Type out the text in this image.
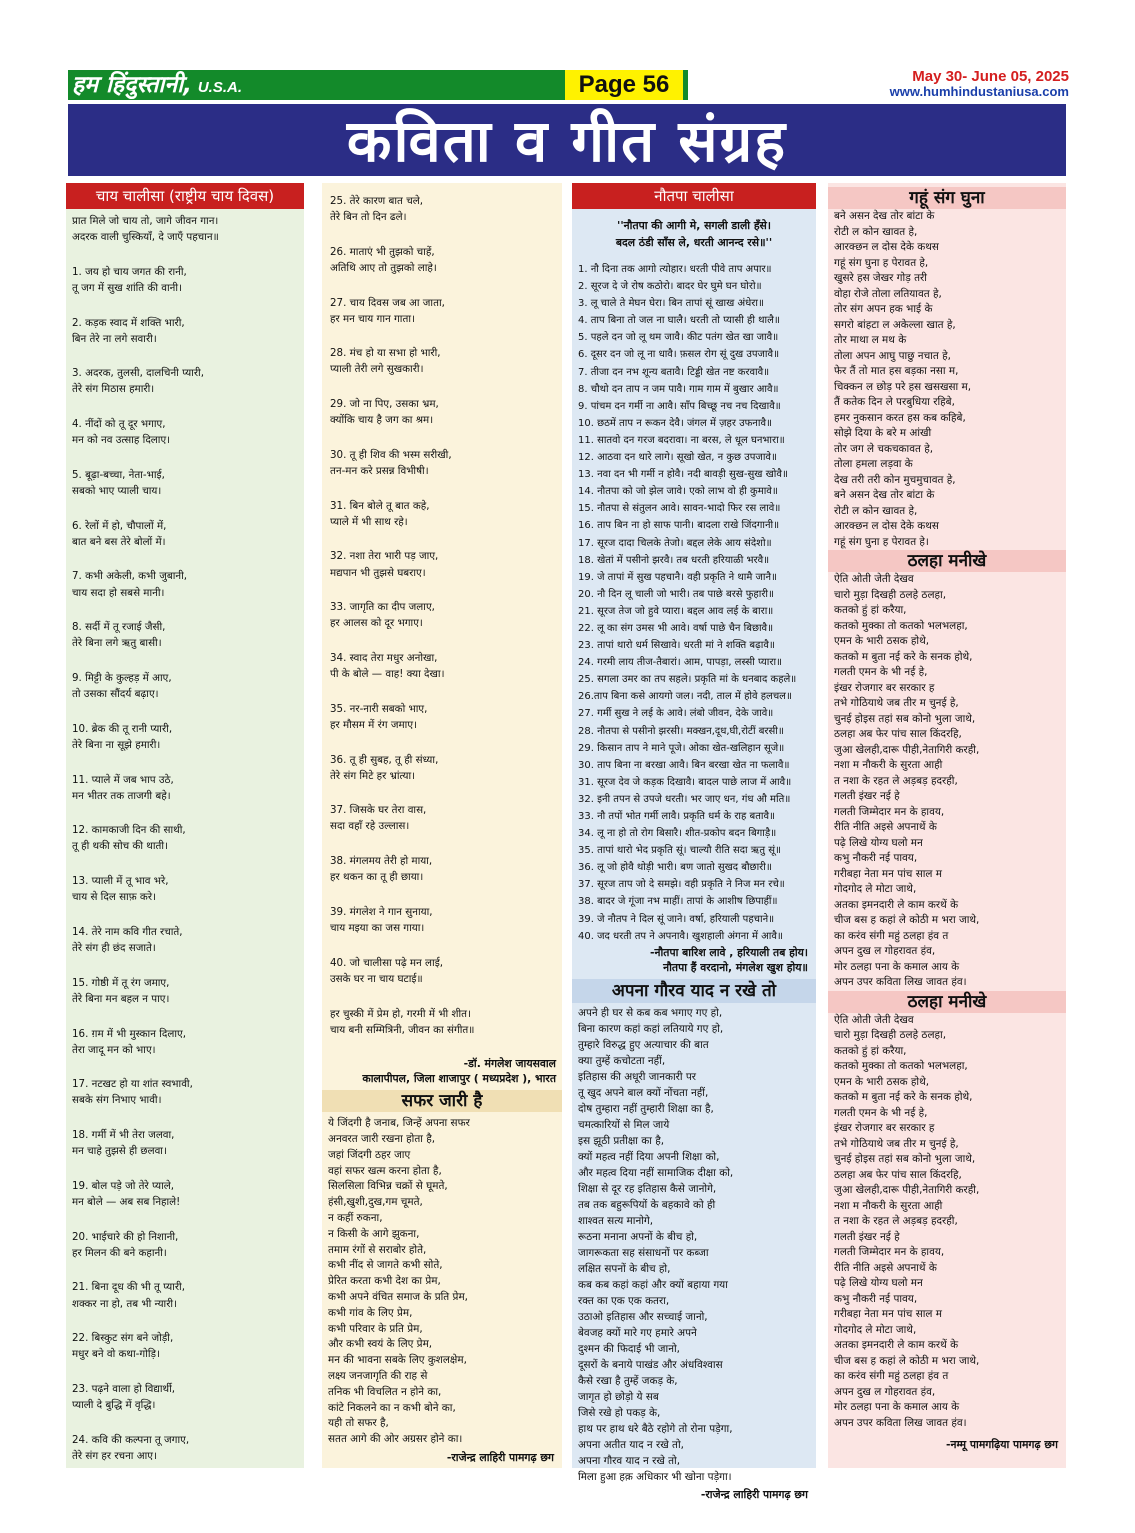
हम हिंदुस्तानी, U.S.A.	Page 56	May 30- June 05, 2025
www.humhindustaniusa.com
कविता व गीत संग्रह
चाय चालीसा (राष्ट्रीय चाय दिवस)
प्रात मिले जो चाय तो, जागे जीवन गान।
अदरक वाली चुस्कियाँ, दे जाएँ पहचान॥
1. जय हो चाय जगत की रानी,
तू जग में सुख शांति की वानी।
2. कड़क स्वाद में शक्ति भारी,
बिन तेरे ना लगे सवारी।
3. अदरक, तुलसी, दालचिनी प्यारी,
तेरे संग मिठास हमारी।
4. नींदों को तू दूर भगाए,
मन को नव उत्साह दिलाए।
5. बूढ़ा-बच्चा, नेता-भाई,
सबको भाए प्याली चाय।
6. रेलों में हो, चौपालों में,
बात बने बस तेरे बोलों में।
7. कभी अकेली, कभी जुबानी,
चाय सदा हो सबसे मानी।
8. सर्दी में तू रजाई जैसी,
तेरे बिना लगे ऋतु बासी।
9. मिट्टी के कुल्हड़ में आए,
तो उसका सौंदर्य बढ़ाए।
10. ब्रेक की तू रानी प्यारी,
तेरे बिना ना सूझे हमारी।
11. प्याले में जब भाप उठे,
मन भीतर तक ताजगी बहे।
12. कामकाजी दिन की साथी,
तू ही थकी सोच की थाती।
13. प्याली में तू भाव भरे,
चाय से दिल साफ़ करे।
14. तेरे नाम कवि गीत रचाते,
तेरे संग ही छंद सजाते।
15. गोष्ठी में तू रंग जमाए,
तेरे बिना मन बहल न पाए।
16. ग़म में भी मुस्कान दिलाए,
तेरा जादू मन को भाए।
17. नटखट हो या शांत स्वभावी,
सबके संग निभाए भावी।
18. गर्मी में भी तेरा जलवा,
मन चाहे तुझसे ही छलवा।
19. बोल पड़े जो तेरे प्याले,
मन बोले — अब सब निहाले!
20. भाईचारे की हो निशानी,
हर मिलन की बने कहानी।
21. बिना दूध की भी तू प्यारी,
शक्कर ना हो, तब भी न्यारी।
22. बिस्कुट संग बने जोड़ी,
मधुर बने वो कथा-गोड़ि।
23. पढ़ने वाला हो विद्यार्थी,
प्याली दे बुद्धि में वृद्धि।
24. कवि की कल्पना तू जगाए,
तेरे संग हर रचना आए।
25. तेरे कारण बात चले,
तेरे बिन तो दिन ढले।
26. माताएं भी तुझको चाहें,
अतिथि आए तो तुझको लाहे।
27. चाय दिवस जब आ जाता,
हर मन चाय गान गाता।
28. मंच हो या सभा हो भारी,
प्याली तेरी लगे सुखकारी।
29. जो ना पिए, उसका भ्रम,
क्योंकि चाय है जग का श्रम।
30. तू ही शिव की भस्म सरीखी,
तन-मन करे प्रसन्न विभीषी।
31. बिन बोले तू बात कहे,
प्याले में भी साथ रहे।
32. नशा तेरा भारी पड़ जाए,
मद्यपान भी तुझसे घबराए।
33. जागृति का दीप जलाए,
हर आलस को दूर भगाए।
34. स्वाद तेरा मधुर अनोखा,
पी के बोले — वाह! क्या देखा।
35. नर-नारी सबको भाए,
हर मौसम में रंग जमाए।
36. तू ही सुबह, तू ही संध्या,
तेरे संग मिटे हर भ्रांत्या।
37. जिसके घर तेरा वास,
सदा वहाँ रहे उल्लास।
38. मंगलमय तेरी हो माया,
हर थकन का तू ही छाया।
39. मंगलेश ने गान सुनाया,
चाय मइया का जस गाया।
40. जो चालीसा पढ़े मन लाई,
उसके घर ना चाय घटाई॥
हर चुस्की में प्रेम हो, गरमी में भी शीत।
चाय बनी सम्मित्रिनी, जीवन का संगीत॥
-डॉ. मंगलेश जायसवाल
कालापीपल, जिला शाजापुर ( मध्यप्रदेश ), भारत
सफर जारी है
ये जिंदगी है जनाब, जिन्हें अपना सफर
अनवरत जारी रखना होता है,
जहां जिंदगी ठहर जाए
वहां सफर खत्म करना होता है,
सिलसिला विभिन्न चक्रों से घूमते,
हंसी,खुशी,दुख,गम चूमते,
न कहीं रुकना,
न किसी के आगे झुकना,
तमाम रंगों से सराबोर होते,
कभी नींद से जागते कभी सोते,
प्रेरित करता कभी देश का प्रेम,
कभी अपने वंचित समाज के प्रति प्रेम,
कभी गांव के लिए प्रेम,
कभी परिवार के प्रति प्रेम,
और कभी स्वयं के लिए प्रेम,
मन की भावना सबके लिए कुशलक्षेम,
लक्ष्य जनजागृति की राह से
तनिक भी विचलित न होने का,
कांटे निकलने का न कभी बोने का,
यही तो सफर है,
सतत आगे की ओर अग्रसर होने का।
-राजेन्द्र लाहिरी पामगढ़ छग
नौतपा चालीसा
''नौतपा की आगी मे, सगली डाली हँसे।
बदल ठंडी साँस ले, धरती आनन्द रसे॥''
1. नौ दिना तक आगो त्योहार। धरती पीवे ताप अपार॥
2. सूरज दे जे रोष कठोरो। बादर घेर घुमे घन घोरो॥
3. लू चाले ते मेघन घेरा। बिन तापां सूं खाख अंधेरा॥
4. ताप बिना तो जल ना घालै। धरती तो प्यासी ही थालै॥
5. पहले दन जो लू थम जावै। कीट पतंग खेत खा जावै॥
6. दूसर दन जो लू ना धावै। फ़सल रोग सूं दुख उपजावै॥
7. तीजा दन नभ शून्य बतावै। टिड्डी खेत नष्ट करवावै॥
8. चौथो दन ताप न जम पावै। गाम गाम में बुखार आवै॥
9. पांचम दन गर्मी ना आवै। साँप बिच्छू नच नच दिखावै॥
10. छठमें ताप न रूकन देवै। जंगल में ज़हर उफनावै॥
11. सातवो दन गरज बदरावा। ना बरस, ले धूल घनभारा॥
12. आठवा दन थारे लागे। सूखो खेत, न कुछ उपजावे॥
13. नवा दन भी गर्मी न होवै। नदी बावड़ी सुख-सुख खोवै॥
14. नौतपा को जो झेल जावे। एको लाभ वो ही कुमावे॥
15. नौतपा से संतुलन आवे। सावन-भादो फिर रस लावे॥
16. ताप बिन ना हो साफ पानी। बादला राखे जिंदगानी॥
17. सूरज दादा चिलके तेजो। बद्दल लेके आय संदेशो॥
18. खेतां में पसीनो झरवै। तब धरती हरियाळी भरवै॥
19. जे तापां में सुख पहचानै। वही प्रकृति ने थामै जानै॥
20. नौ दिन लू चाली जो भारी। तब पाछे बरसे फुहारी॥
21. सूरज तेज जो हुवे प्यारा। बद्दल आव लई के बारा॥
22. लू का संग उमस भी आवे। वर्षा पाछे चैन बिछावै॥
23. तापां थारो धर्म सिखावे। धरती मां ने शक्ति बढ़ावै॥
24. गरमी लाय तीज-तैबारां। आम, पापड़ा, लस्सी प्यारा॥
25. सगला उमर का तप सहले। प्रकृति मां के धनबाद कहले॥
26.ताप बिना कसे आयगो जल। नदी, ताल में होवे हलचल॥
27. गर्मी सुख ने लई के आवे। लंबो जीवन, देके जावे॥
28. नौतपा से पसीनो झरसी। मक्खन,दूध,घी,रोटीं बरसी॥
29. किसान ताप ने माने पूजे। ओका खेत-खलिहान सूजे॥
30. ताप बिना ना बरखा आवै। बिन बरखा खेत ना फलावै॥
31. सूरज देव जे कड़क दिखावै। बादल पाछे लाज में आवै॥
32. इनी तपन से उपजे धरती। भर जाए धन, गंध औ मति॥
33. नौ तपों भोत गर्मी लावै। प्रकृति धर्म के राह बतावै॥
34. लू ना हो तो रोग बिसारै। शीत-प्रकोप बदन बिगाड़ै॥
35. तापां थारो भेद प्रकृति सूं। चाल्यौ रीति सदा ऋतु सूं॥
36. लू जो होवै थोड़ी भारी। बण जातो सुखद बौछारी॥
37. सूरज ताप जो दे समझे। वही प्रकृति ने निज मन रचे॥
38. बादर जे गूंजा नभ माहीं। तापां के आशीष छिपाहीं॥
39. जे नौतप ने दिल सूं जाने। वर्षा, हरियाली पहचाने॥
40. जद धरती तप ने अपनावै। खुशहाली अंगना में आवै॥
-नौतपा बारिश लावे , हरियाली तब होय।
नौतपा हैं वरदानो, मंगलेश खुश होय॥
अपना गौरव याद न रखे तो
अपने ही घर से कब कब भगाए गए हो,
बिना कारण कहां कहां लतियाये गए हो,
तुम्हारे विरुद्ध हुए अत्याचार की बात
क्या तुम्हें कचोटता नहीं,
इतिहास की अधूरी जानकारी पर
तू खुद अपने बाल क्यों नोंचता नहीं,
दोष तुम्हारा नहीं तुम्हारी शिक्षा का है,
चमत्कारियों से मिल जाये
इस झूठी प्रतीक्षा का है,
क्यों महत्व नहीं दिया अपनी शिक्षा को,
और महत्व दिया नहीं सामाजिक दीक्षा को,
शिक्षा से दूर रह इतिहास कैसे जानोगे,
तब तक बहुरूपियों के बहकावे को ही
शाश्वत सत्य मानोगे,
रूठना मनाना अपनों के बीच हो,
जागरूकता सह संसाधनों पर कब्जा
लक्षित सपनों के बीच हो,
कब कब कहां कहां और क्यों बहाया गया
रक्त का एक एक कतरा,
उठाओ इतिहास और सच्चाई जानो,
बेवजह क्यों मारे गए हमारे अपने
दुश्मन की फिदाई भी जानो,
दूसरों के बनाये पाखंड और अंधविश्वास
कैसे रखा है तुम्हें जकड़ के,
जागृत हो छोड़ो ये सब
जिसे रखे हो पकड़ के,
हाथ पर हाथ धरे बैठे रहोगे तो रोना पड़ेगा,
अपना अतीत याद न रखे तो,
अपना गौरव याद न रखे तो,
मिला हुआ हक़ अधिकार भी खोना पड़ेगा।
-राजेन्द्र लाहिरी पामगढ़ छग
गहूं संग घुना
बने असन देख तोर बांटा के
रोटी ल कोन खावत हे,
आरक्छन ल दोस देके कथस
गहूं संग घुना ह पेरावत हे,
खुसरे हस जेखर गोड़ तरी
वोहा रोजे तोला लतियावत हे,
तोर संग अपन हक भाई के
सगरो बांहटा ल अकेल्ला खात हे,
तोर माथा ल मथ के
तोला अपन आघु पाछु नचात हे,
फेर तैं तो मात हस बड़का नसा म,
चिक्कन ल छोड़ परे हस खसखसा म,
तैं कतेक दिन ले परबुधिया रहिबे,
हमर नुकसान करत हस कब कहिबे,
सोझे दिया के बरे म आंखी
तोर जग ले चकचकावत हे,
तोला हमला लड़वा के
देख तरी तरी कोन मुचमुचावत हे,
बने असन देख तोर बांटा के
रोटी ल कोन खावत हे,
आरक्छन ल दोस देके कथस
गहूं संग घुना ह पेरावत हे।
ठलहा मनीखे
ऐति ओती जेती देखव
चारो मुड़ा दिखही ठलहे ठलहा,
कतको हुं हां करैया,
कतको मुक्का तो कतको भलभलहा,
एमन के भारी ठसक होथे,
कतको म बुता नई करे के सनक होथे,
गलती एमन के भी नई हे,
इंखर रोजगार बर सरकार ह
तभे गोठियाथे जब तीर म चुनई हे,
चुनई होइस तहां सब कोनो भुला जाथे,
ठलहा अब फेर पांच साल किंदरहि,
जुआ खेलही,दारू पीही,नेतागिरी करही,
नशा म नौकरी के सुरता आही
त नशा के रहत ले अड़बड़ हदरही,
गलती इंखर नई हे
गलती जिम्मेदार मन के हावय,
रीति नीति अइसे अपनाथें के
पढ़े लिखे योग्य घलो मन
कभु नौकरी नई पावय,
गरीबहा नेता मन पांच साल म
गोदगोद ले मोटा जाथे,
अतका इमनदारी ले काम करथें के
चीज बस ह कहां ले कोठी म भरा जाथे,
का करंव संगी महुं ठलहा हंव त
अपन दुख ल गोहरावत हंव,
मोर ठलहा पना के कमाल आय के
अपन उपर कविता लिख जावत हंव।
ठलहा मनीखे
ऐति ओती जेती देखव
चारो मुड़ा दिखही ठलहे ठलहा,
कतको हुं हां करैया,
कतको मुक्का तो कतको भलभलहा,
एमन के भारी ठसक होथे,
कतको म बुता नई करे के सनक होथे,
गलती एमन के भी नई हे,
इंखर रोजगार बर सरकार ह
तभे गोठियाथे जब तीर म चुनई हे,
चुनई होइस तहां सब कोनो भुला जाथे,
ठलहा अब फेर पांच साल किंदरहि,
जुआ खेलही,दारू पीही,नेतागिरी करही,
नशा म नौकरी के सुरता आही
त नशा के रहत ले अड़बड़ हदरही,
गलती इंखर नई हे
गलती जिम्मेदार मन के हावय,
रीति नीति अइसे अपनाथें के
पढ़े लिखे योग्य घलो मन
कभु नौकरी नई पावय,
गरीबहा नेता मन पांच साल म
गोदगोद ले मोटा जाथे,
अतका इमनदारी ले काम करथें के
चीज बस ह कहां ले कोठी म भरा जाथे,
का करंव संगी महुं ठलहा हंव त
अपन दुख ल गोहरावत हंव,
मोर ठलहा पना के कमाल आय के
अपन उपर कविता लिख जावत हंव।
-नम्मू पामगढ़िया पामगढ़ छग
